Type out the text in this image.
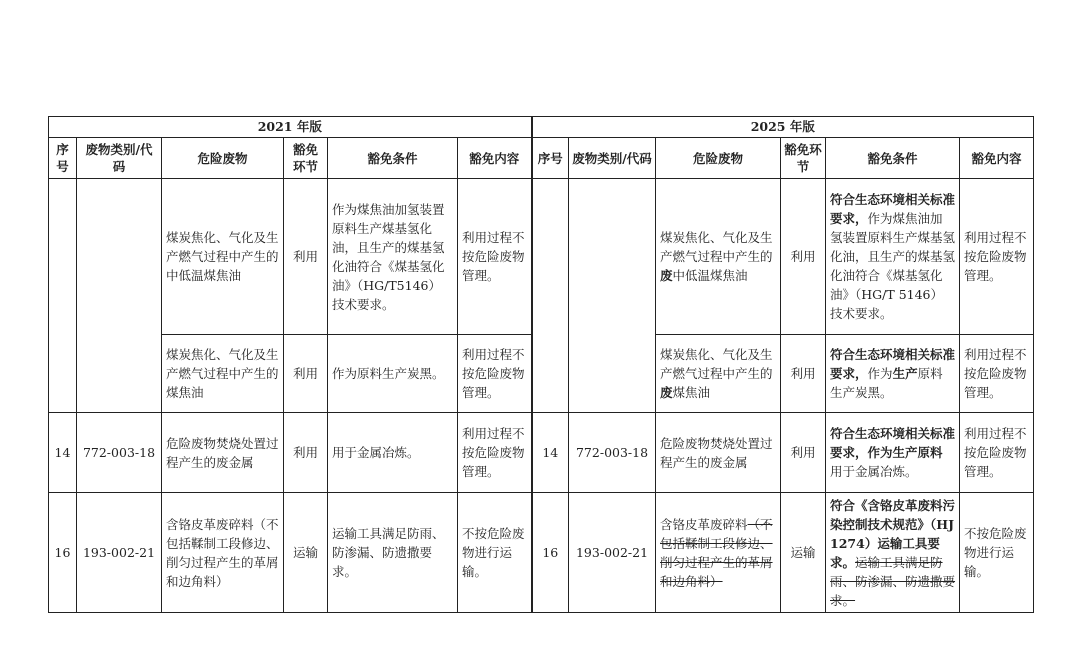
2021 年版						2025 年版					
序号	废物类别/代码	危险废物	豁免环节	豁免条件	豁免内容	序号	废物类别/代码	危险废物	豁免环节	豁免条件	豁免内容
		煤炭焦化、气化及生产燃气过程中产生的中低温煤焦油	利用	作为煤焦油加氢装置原料生产煤基氢化油，且生产的煤基氢化油符合《煤基氢化油》（HG/T5146）技术要求。	利用过程不按危险废物管理。			煤炭焦化、气化及生产燃气过程中产生的废中低温煤焦油	利用	符合生态环境相关标准要求，作为煤焦油加氢装置原料生产煤基氢化油，且生产的煤基氢化油符合《煤基氢化油》（HG/T 5146）技术要求。	利用过程不按危险废物管理。
		煤炭焦化、气化及生产燃气过程中产生的煤焦油	利用	作为原料生产炭黑。	利用过程不按危险废物管理。			煤炭焦化、气化及生产燃气过程中产生的废煤焦油	利用	符合生态环境相关标准要求，作为生产原料生产炭黑。	利用过程不按危险废物管理。
14	772-003-18	危险废物焚烧处置过程产生的废金属	利用	用于金属冶炼。	利用过程不按危险废物管理。	14	772-003-18	危险废物焚烧处置过程产生的废金属	利用	符合生态环境相关标准要求，作为生产原料用于金属冶炼。	利用过程不按危险废物管理。
16	193-002-21	含铬皮革废碎料（不包括鞣制工段修边、削匀过程产生的革屑和边角料）	运输	运输工具满足防雨、防渗漏、防遗撒要求。	不按危险废物进行运输。	16	193-002-21	含铬皮革废碎料（不包括鞣制工段修边、削匀过程产生的革屑和边角料）	运输	符合《含铬皮革废料污染控制技术规范》（HJ 1274）运输工具要求。运输工具满足防雨、防渗漏、防遗撒要求。	不按危险废物进行运输。
